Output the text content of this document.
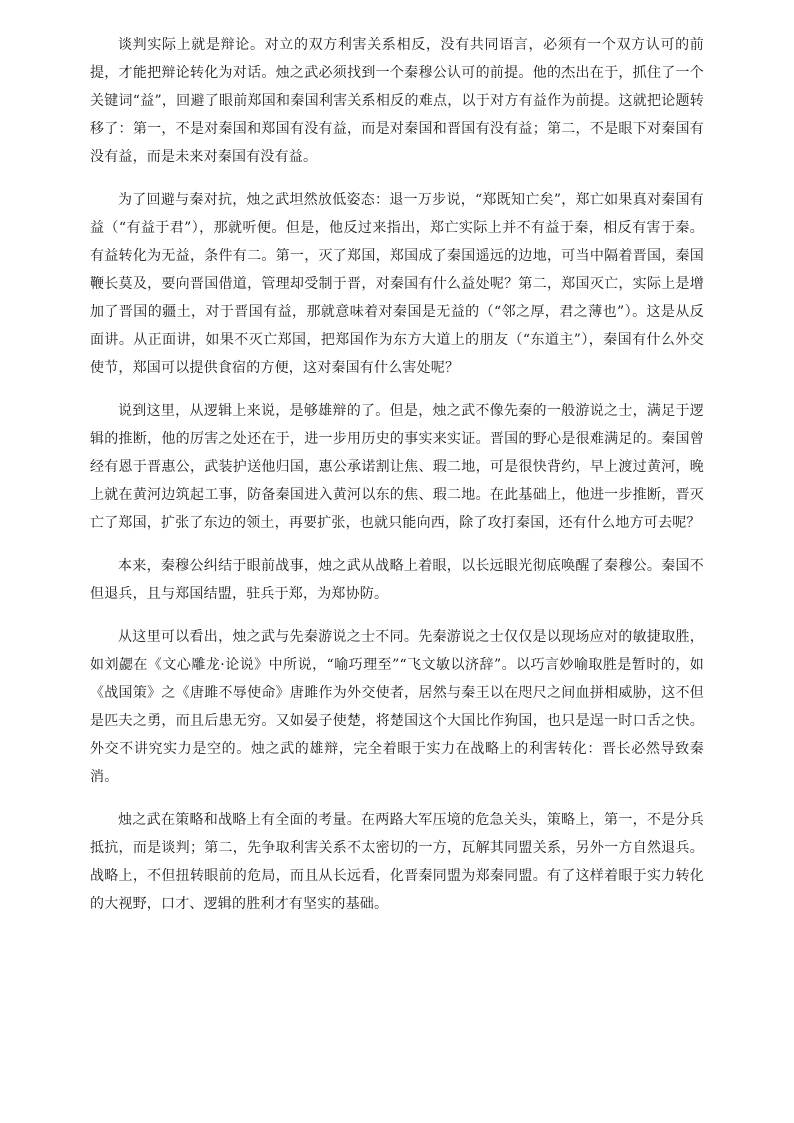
谈判实际上就是辩论。对立的双方利害关系相反，没有共同语言，必须有一个双方认可的前提，才能把辩论转化为对话。烛之武必须找到一个秦穆公认可的前提。他的杰出在于，抓住了一个关键词“益”，回避了眼前郑国和秦国利害关系相反的难点，以于对方有益作为前提。这就把论题转移了：第一，不是对秦国和郑国有没有益，而是对秦国和晋国有没有益；第二，不是眼下对秦国有没有益，而是未来对秦国有没有益。

为了回避与秦对抗，烛之武坦然放低姿态：退一万步说，“郑既知亡矣”，郑亡如果真对秦国有益（“有益于君”），那就听便。但是，他反过来指出，郑亡实际上并不有益于秦，相反有害于秦。有益转化为无益，条件有二。第一，灭了郑国，郑国成了秦国遥远的边地，可当中隔着晋国，秦国鞭长莫及，要向晋国借道，管理却受制于晋，对秦国有什么益处呢？第二，郑国灭亡，实际上是增加了晋国的疆土，对于晋国有益，那就意味着对秦国是无益的（“邻之厚，君之薄也”）。这是从反面讲。从正面讲，如果不灭亡郑国，把郑国作为东方大道上的朋友（“东道主”），秦国有什么外交使节，郑国可以提供食宿的方便，这对秦国有什么害处呢？

说到这里，从逻辑上来说，是够雄辩的了。但是，烛之武不像先秦的一般游说之士，满足于逻辑的推断，他的厉害之处还在于，进一步用历史的事实来实证。晋国的野心是很难满足的。秦国曾经有恩于晋惠公，武装护送他归国，惠公承诺割让焦、瑕二地，可是很快背约，早上渡过黄河，晚上就在黄河边筑起工事，防备秦国进入黄河以东的焦、瑕二地。在此基础上，他进一步推断，晋灭亡了郑国，扩张了东边的领土，再要扩张，也就只能向西，除了攻打秦国，还有什么地方可去呢？

本来，秦穆公纠结于眼前战事，烛之武从战略上着眼，以长远眼光彻底唤醒了秦穆公。秦国不但退兵，且与郑国结盟，驻兵于郑，为郑协防。

从这里可以看出，烛之武与先秦游说之士不同。先秦游说之士仅仅是以现场应对的敏捷取胜，如刘勰在《文心雕龙·论说》中所说，“喻巧理至”“飞文敏以济辞”。以巧言妙喻取胜是暂时的，如《战国策》之《唐雎不辱使命》唐雎作为外交使者，居然与秦王以在咫尺之间血拼相威胁，这不但是匹夫之勇，而且后患无穷。又如晏子使楚，将楚国这个大国比作狗国，也只是逞一时口舌之快。外交不讲究实力是空的。烛之武的雄辩，完全着眼于实力在战略上的利害转化：晋长必然导致秦消。

烛之武在策略和战略上有全面的考量。在两路大军压境的危急关头，策略上，第一，不是分兵抵抗，而是谈判；第二，先争取利害关系不太密切的一方，瓦解其同盟关系，另外一方自然退兵。战略上，不但扭转眼前的危局，而且从长远看，化晋秦同盟为郑秦同盟。有了这样着眼于实力转化的大视野，口才、逻辑的胜利才有坚实的基础。
